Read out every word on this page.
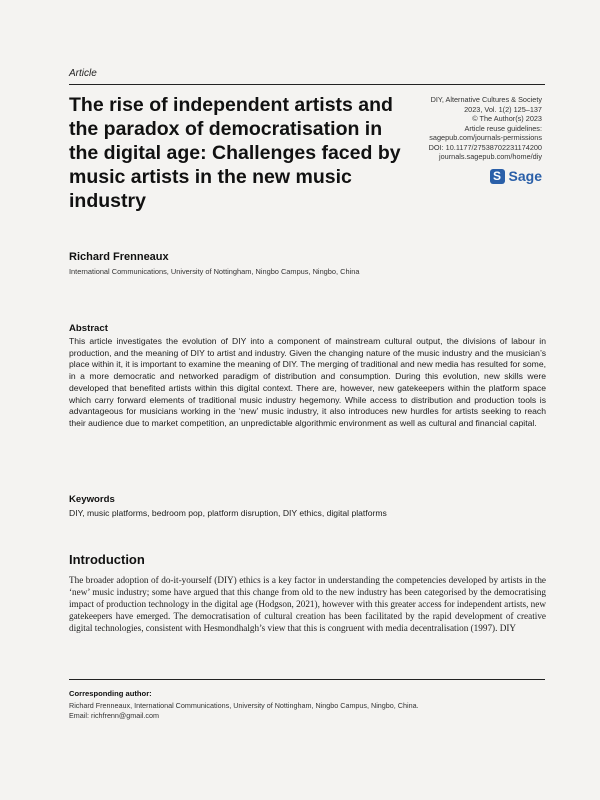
Article
The rise of independent artists and the paradox of democratisation in the digital age: Challenges faced by music artists in the new music industry
DIY, Alternative Cultures & Society
2023, Vol. 1(2) 125–137
© The Author(s) 2023
Article reuse guidelines:
sagepub.com/journals-permissions
DOI: 10.1177/27538702231174200
journals.sagepub.com/home/diy
S Sage
Richard Frenneaux
International Communications, University of Nottingham, Ningbo Campus, Ningbo, China
Abstract

This article investigates the evolution of DIY into a component of mainstream cultural output, the divisions of labour in production, and the meaning of DIY to artist and industry. Given the changing nature of the music industry and the musician’s place within it, it is important to examine the meaning of DIY. The merging of traditional and new media has resulted for some, in a more democratic and networked paradigm of distribution and consumption. During this evolution, new skills were developed that benefited artists within this digital context. There are, however, new gatekeepers within the platform space which carry forward elements of traditional music industry hegemony. While access to distribution and production tools is advantageous for musicians working in the ‘new’ music industry, it also introduces new hurdles for artists seeking to reach their audience due to market competition, an unpredictable algorithmic environment as well as cultural and financial capital.

Keywords
DIY, music platforms, bedroom pop, platform disruption, DIY ethics, digital platforms
Introduction

The broader adoption of do-it-yourself (DIY) ethics is a key factor in understanding the competencies developed by artists in the ‘new’ music industry; some have argued that this change from old to the new industry has been categorised by the democratising impact of production technology in the digital age (Hodgson, 2021), however with this greater access for independent artists, new gatekeepers have emerged. The democratisation of cultural creation has been facilitated by the rapid development of creative digital technologies, consistent with Hesmondhalgh’s view that this is congruent with media decentralisation (1997). DIY

Corresponding author:
Richard Frenneaux, International Communications, University of Nottingham, Ningbo Campus, Ningbo, China.
Email: richfrenn@gmail.com
